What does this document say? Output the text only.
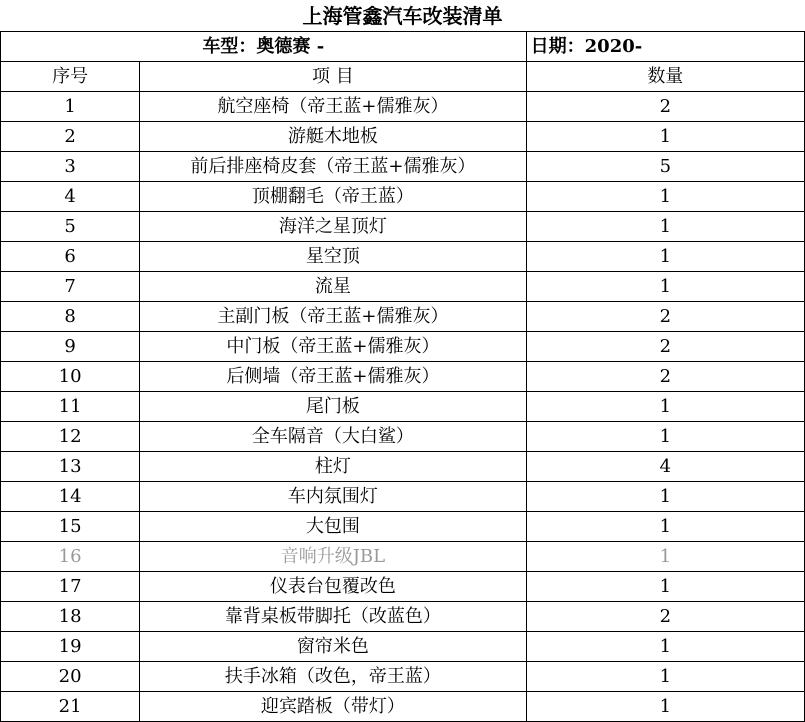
上海管鑫汽车改装清单
车型：奥德赛 -		日期：2020-
序号	项 目	数量
1	航空座椅（帝王蓝+儒雅灰）	2
2	游艇木地板	1
3	前后排座椅皮套（帝王蓝+儒雅灰）	5
4	顶棚翻毛（帝王蓝）	1
5	海洋之星顶灯	1
6	星空顶	1
7	流星	1
8	主副门板（帝王蓝+儒雅灰）	2
9	中门板（帝王蓝+儒雅灰）	2
10	后侧墙（帝王蓝+儒雅灰）	2
11	尾门板	1
12	全车隔音（大白鲨）	1
13	柱灯	4
14	车内氛围灯	1
15	大包围	1
16	音响升级JBL	1
17	仪表台包覆改色	1
18	靠背桌板带脚托（改蓝色）	2
19	窗帘米色	1
20	扶手冰箱（改色，帝王蓝）	1
21	迎宾踏板（带灯）	1
